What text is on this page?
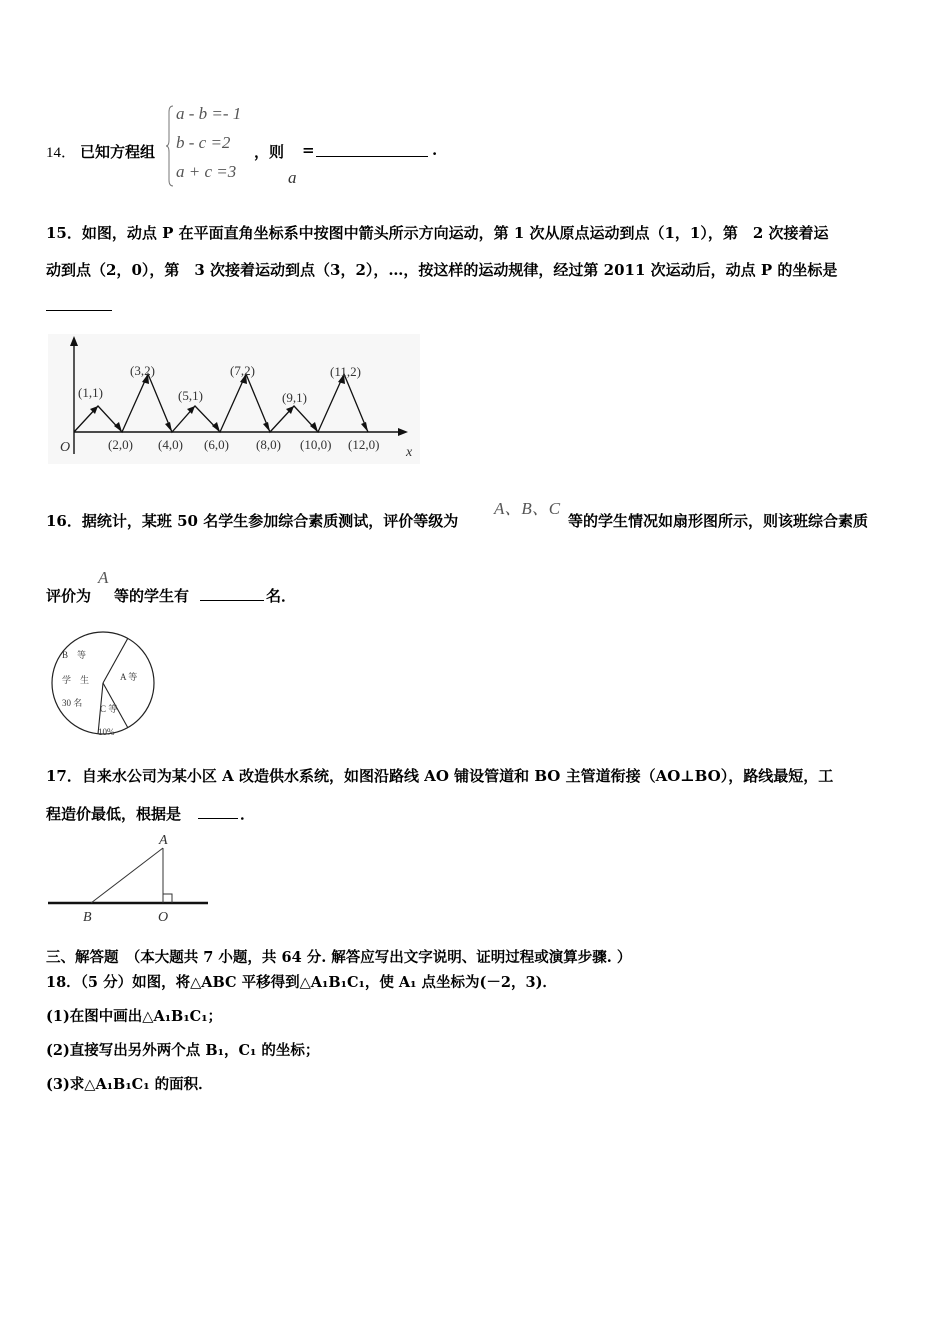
14． 已知方程组
a - b =- 1
b - c =2
a + c =3
，则
a
=	.
15．如图，动点 P 在平面直角坐标系中按图中箭头所示方向运动，第 1 次从原点运动到点（1，1），第　2 次接着运
动到点（2，0），第　3 次接着运动到点（3，2），…，按这样的运动规律，经过第 2011 次运动后，动点 P 的坐标是
O	x
(1,1)
(3,2)
(5,1)
(7,2)
(9,1)
(11,2)
(2,0) (4,0) (6,0) (8,0) (10,0) (12,0)
16．据统计，某班 50 名学生参加综合素质测试，评价等级为
A、B、C
等的学生情况如扇形图所示，则该班综合素质
评价为
A
等的学生有	名．
B　等
学　生
30 名
A 等
C 等
10%
17．自来水公司为某小区 A 改造供水系统，如图沿路线 AO 铺设管道和 BO 主管道衔接（AO⊥BO），路线最短，工
程造价最低，根据是	．
A
B	O
三、解答题　（本大题共 7 小题，共 64 分. 解答应写出文字说明、证明过程或演算步骤. ）
18．（5 分）如图，将△ABC 平移得到△A₁B₁C₁，使 A₁ 点坐标为(－2，3)．
(1)在图中画出△A₁B₁C₁；
(2)直接写出另外两个点 B₁，C₁ 的坐标；
(3)求△A₁B₁C₁ 的面积．
